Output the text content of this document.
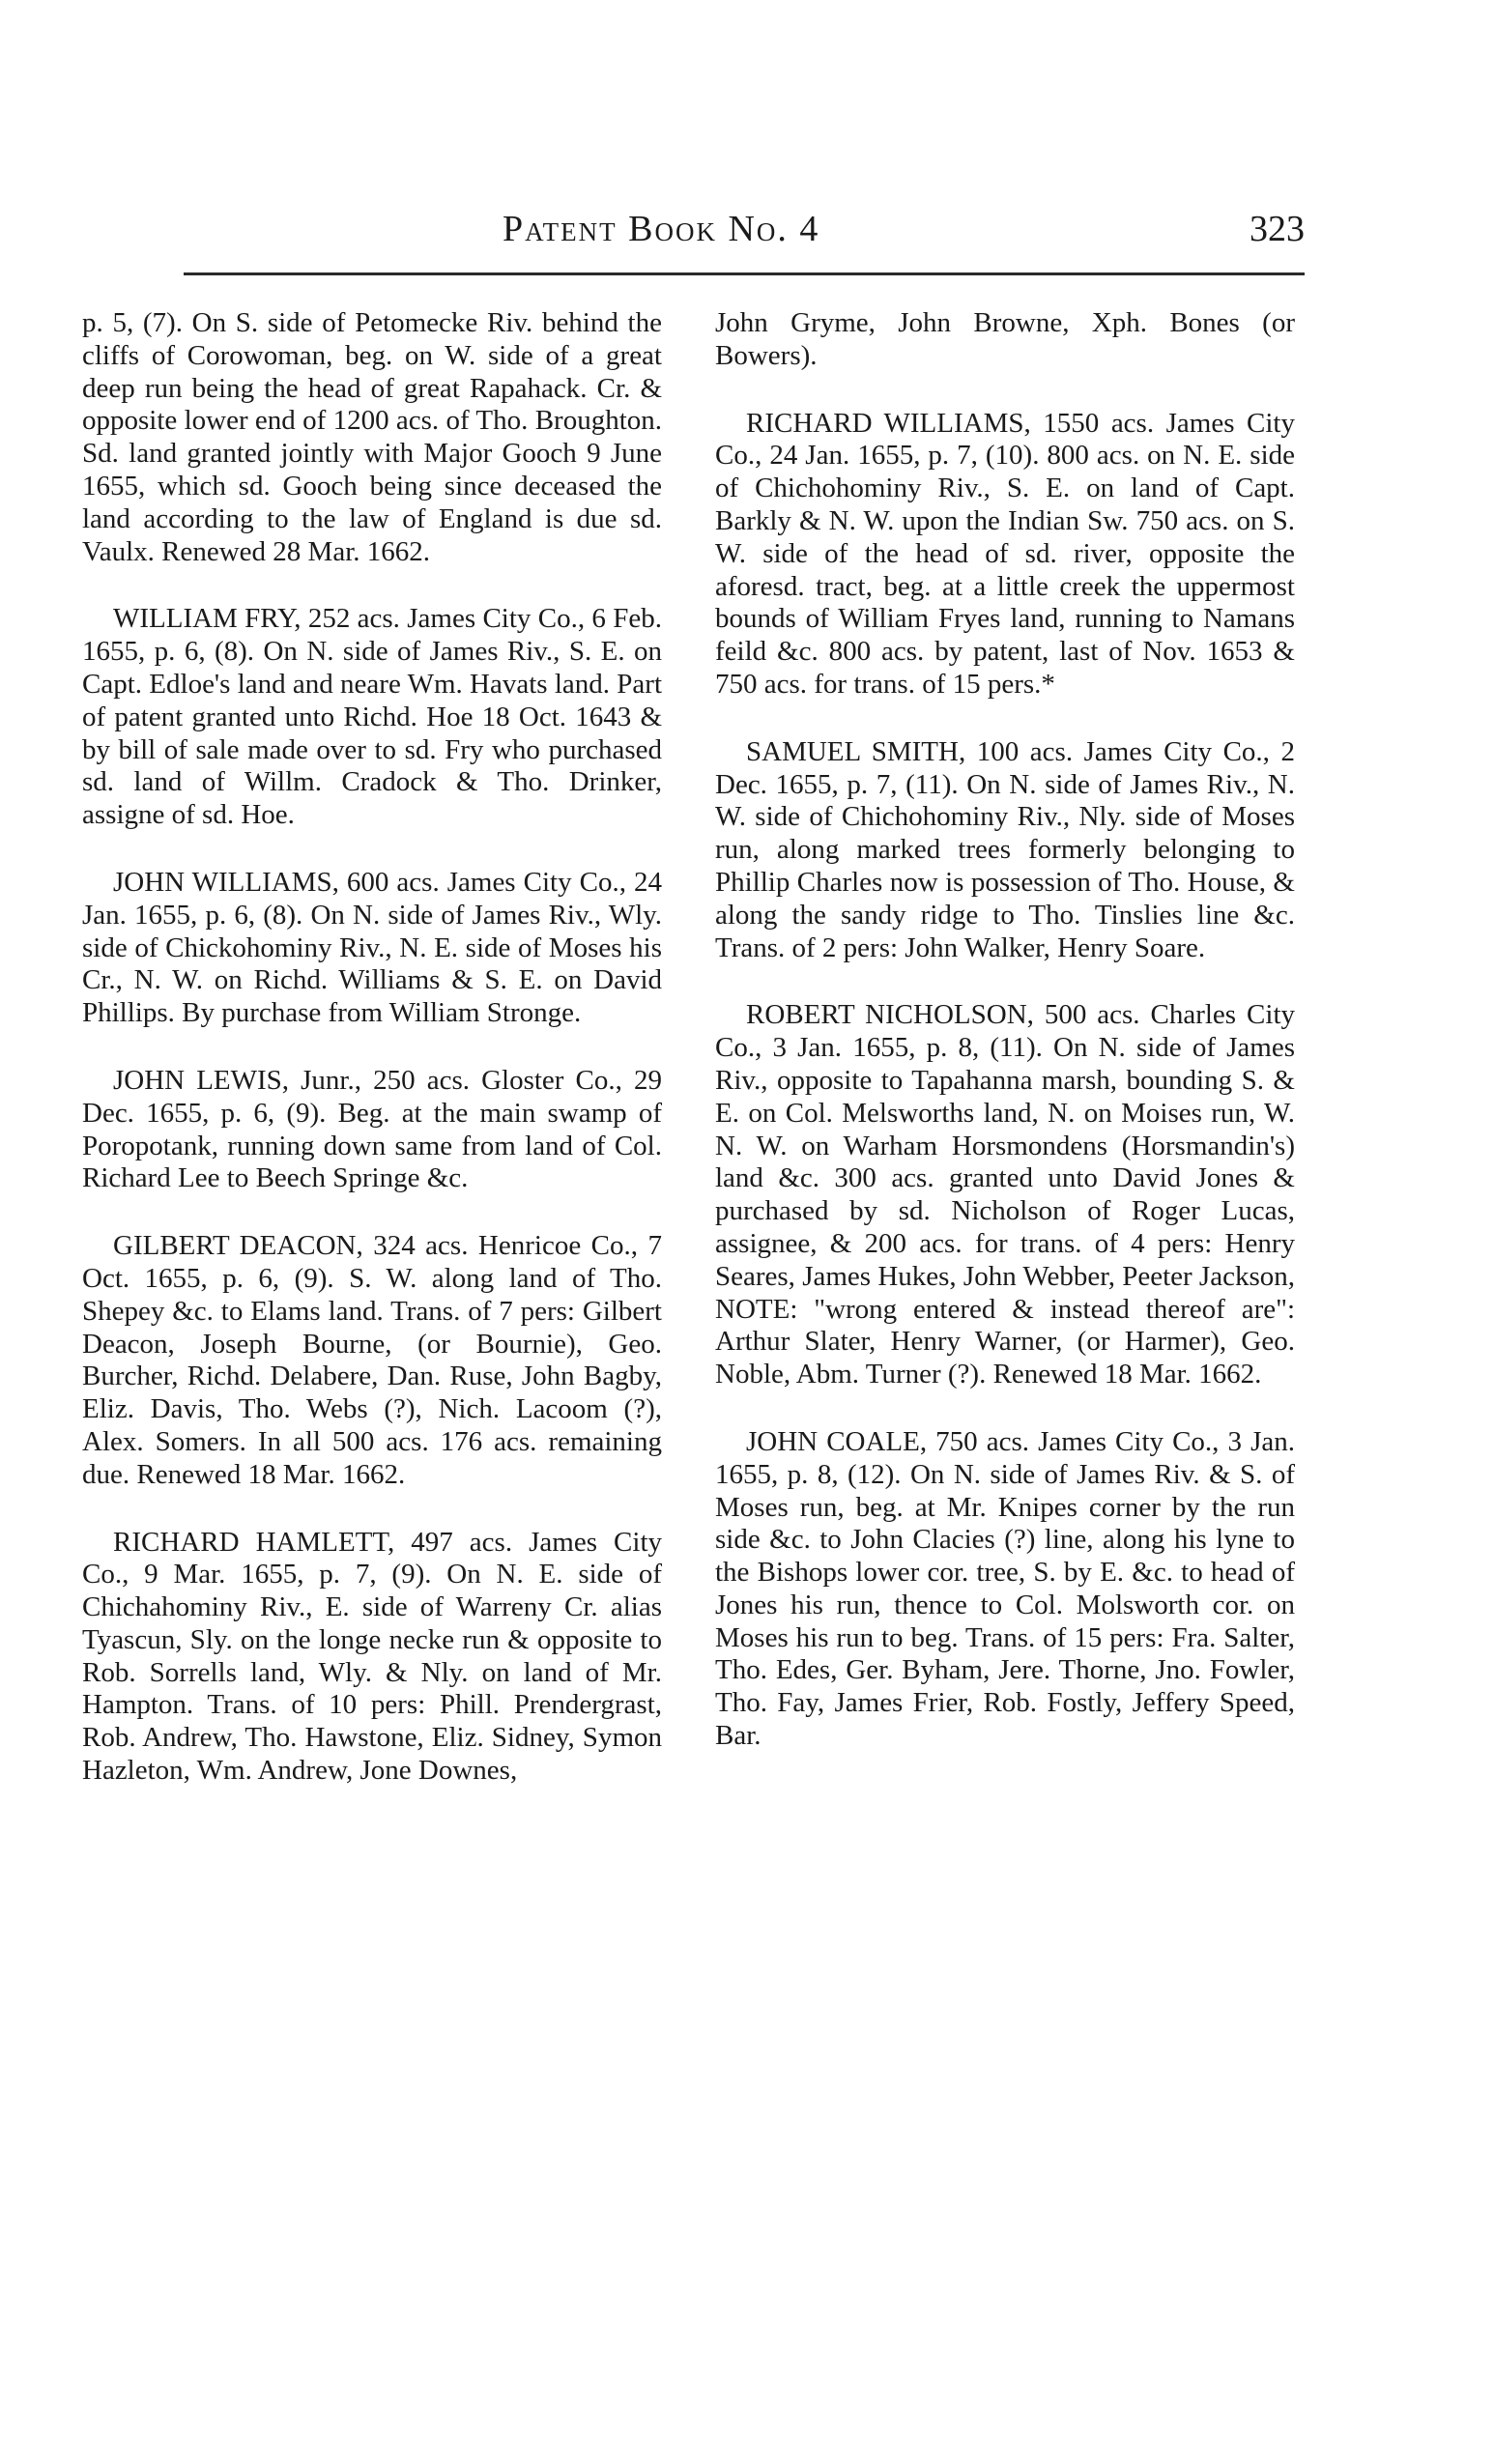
Patent Book No. 4	323

p. 5, (7). On S. side of Petomecke Riv. behind the cliffs of Corowoman, beg. on W. side of a great deep run being the head of great Rapahack. Cr. & opposite lower end of 1200 acs. of Tho. Broughton. Sd. land granted jointly with Major Gooch 9 June 1655, which sd. Gooch being since deceased the land according to the law of England is due sd. Vaulx. Renewed 28 Mar. 1662.

WILLIAM FRY, 252 acs. James City Co., 6 Feb. 1655, p. 6, (8). On N. side of James Riv., S. E. on Capt. Edloe's land and neare Wm. Havats land. Part of patent granted unto Richd. Hoe 18 Oct. 1643 & by bill of sale made over to sd. Fry who purchased sd. land of Willm. Cradock & Tho. Drinker, assigne of sd. Hoe.

JOHN WILLIAMS, 600 acs. James City Co., 24 Jan. 1655, p. 6, (8). On N. side of James Riv., Wly. side of Chickohominy Riv., N. E. side of Moses his Cr., N. W. on Richd. Williams & S. E. on David Phillips. By purchase from William Stronge.

JOHN LEWIS, Junr., 250 acs. Gloster Co., 29 Dec. 1655, p. 6, (9). Beg. at the main swamp of Poropotank, running down same from land of Col. Richard Lee to Beech Springe &c.

GILBERT DEACON, 324 acs. Henricoe Co., 7 Oct. 1655, p. 6, (9). S. W. along land of Tho. Shepey &c. to Elams land. Trans. of 7 pers: Gilbert Deacon, Joseph Bourne, (or Bournie), Geo. Burcher, Richd. Delabere, Dan. Ruse, John Bagby, Eliz. Davis, Tho. Webs (?), Nich. Lacoom (?), Alex. Somers. In all 500 acs. 176 acs. remaining due. Renewed 18 Mar. 1662.

RICHARD HAMLETT, 497 acs. James City Co., 9 Mar. 1655, p. 7, (9). On N. E. side of Chichahominy Riv., E. side of Warreny Cr. alias Tyascun, Sly. on the longe necke run & opposite to Rob. Sorrells land, Wly. & Nly. on land of Mr. Hampton. Trans. of 10 pers: Phill. Prendergrast, Rob. Andrew, Tho. Hawstone, Eliz. Sidney, Symon Hazleton, Wm. Andrew, Jone Downes,

John Gryme, John Browne, Xph. Bones (or Bowers).

RICHARD WILLIAMS, 1550 acs. James City Co., 24 Jan. 1655, p. 7, (10). 800 acs. on N. E. side of Chichohominy Riv., S. E. on land of Capt. Barkly & N. W. upon the Indian Sw. 750 acs. on S. W. side of the head of sd. river, opposite the aforesd. tract, beg. at a little creek the uppermost bounds of William Fryes land, running to Namans feild &c. 800 acs. by patent, last of Nov. 1653 & 750 acs. for trans. of 15 pers.*

SAMUEL SMITH, 100 acs. James City Co., 2 Dec. 1655, p. 7, (11). On N. side of James Riv., N. W. side of Chichohominy Riv., Nly. side of Moses run, along marked trees formerly belonging to Phillip Charles now is possession of Tho. House, & along the sandy ridge to Tho. Tinslies line &c. Trans. of 2 pers: John Walker, Henry Soare.

ROBERT NICHOLSON, 500 acs. Charles City Co., 3 Jan. 1655, p. 8, (11). On N. side of James Riv., opposite to Tapahanna marsh, bounding S. & E. on Col. Melsworths land, N. on Moises run, W. N. W. on Warham Horsmondens (Horsmandin's) land &c. 300 acs. granted unto David Jones & purchased by sd. Nicholson of Roger Lucas, assignee, & 200 acs. for trans. of 4 pers: Henry Seares, James Hukes, John Webber, Peeter Jackson, NOTE: "wrong entered & instead thereof are": Arthur Slater, Henry Warner, (or Harmer), Geo. Noble, Abm. Turner (?). Renewed 18 Mar. 1662.

JOHN COALE, 750 acs. James City Co., 3 Jan. 1655, p. 8, (12). On N. side of James Riv. & S. of Moses run, beg. at Mr. Knipes corner by the run side &c. to John Clacies (?) line, along his lyne to the Bishops lower cor. tree, S. by E. &c. to head of Jones his run, thence to Col. Molsworth cor. on Moses his run to beg. Trans. of 15 pers: Fra. Salter, Tho. Edes, Ger. Byham, Jere. Thorne, Jno. Fowler, Tho. Fay, James Frier, Rob. Fostly, Jeffery Speed, Bar.
